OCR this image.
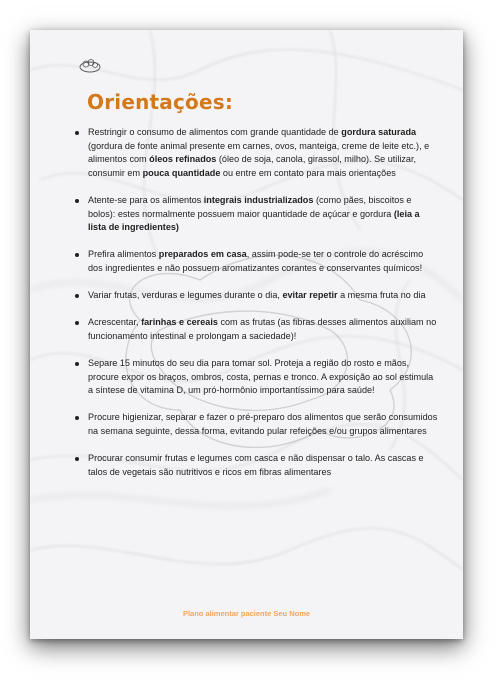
Orientações:
Restringir o consumo de alimentos com grande quantidade de gordura saturada (gordura de fonte animal presente em carnes, ovos, manteiga, creme de leite etc.), e alimentos com óleos refinados (óleo de soja, canola, girassol, milho). Se utilizar, consumir em pouca quantidade ou entre em contato para mais orientações
Atente-se para os alimentos integrais industrializados (como pães, biscoitos e bolos): estes normalmente possuem maior quantidade de açúcar e gordura (leia a lista de ingredientes)
Prefira alimentos preparados em casa, assim pode-se ter o controle do acréscimo dos ingredientes e não possuem aromatizantes corantes e conservantes químicos!
Variar frutas, verduras e legumes durante o dia, evitar repetir a mesma fruta no dia
Acrescentar, farinhas e cereais com as frutas (as fibras desses alimentos auxiliam no funcionamento intestinal e prolongam a saciedade)!
Separe 15 minutos do seu dia para tomar sol. Proteja a região do rosto e mãos, procure expor os braços, ombros, costa, pernas e tronco. A exposição ao sol estimula a síntese de vitamina D, um pró-hormônio importantíssimo para saúde!
Procure higienizar, separar e fazer o pré-preparo dos alimentos que serão consumidos na semana seguinte, dessa forma, evitando pular refeições e/ou grupos alimentares
Procurar consumir frutas e legumes com casca e não dispensar o talo. As cascas e talos de vegetais são nutritivos e ricos em fibras alimentares
Plano alimentar paciente Seu Nome
